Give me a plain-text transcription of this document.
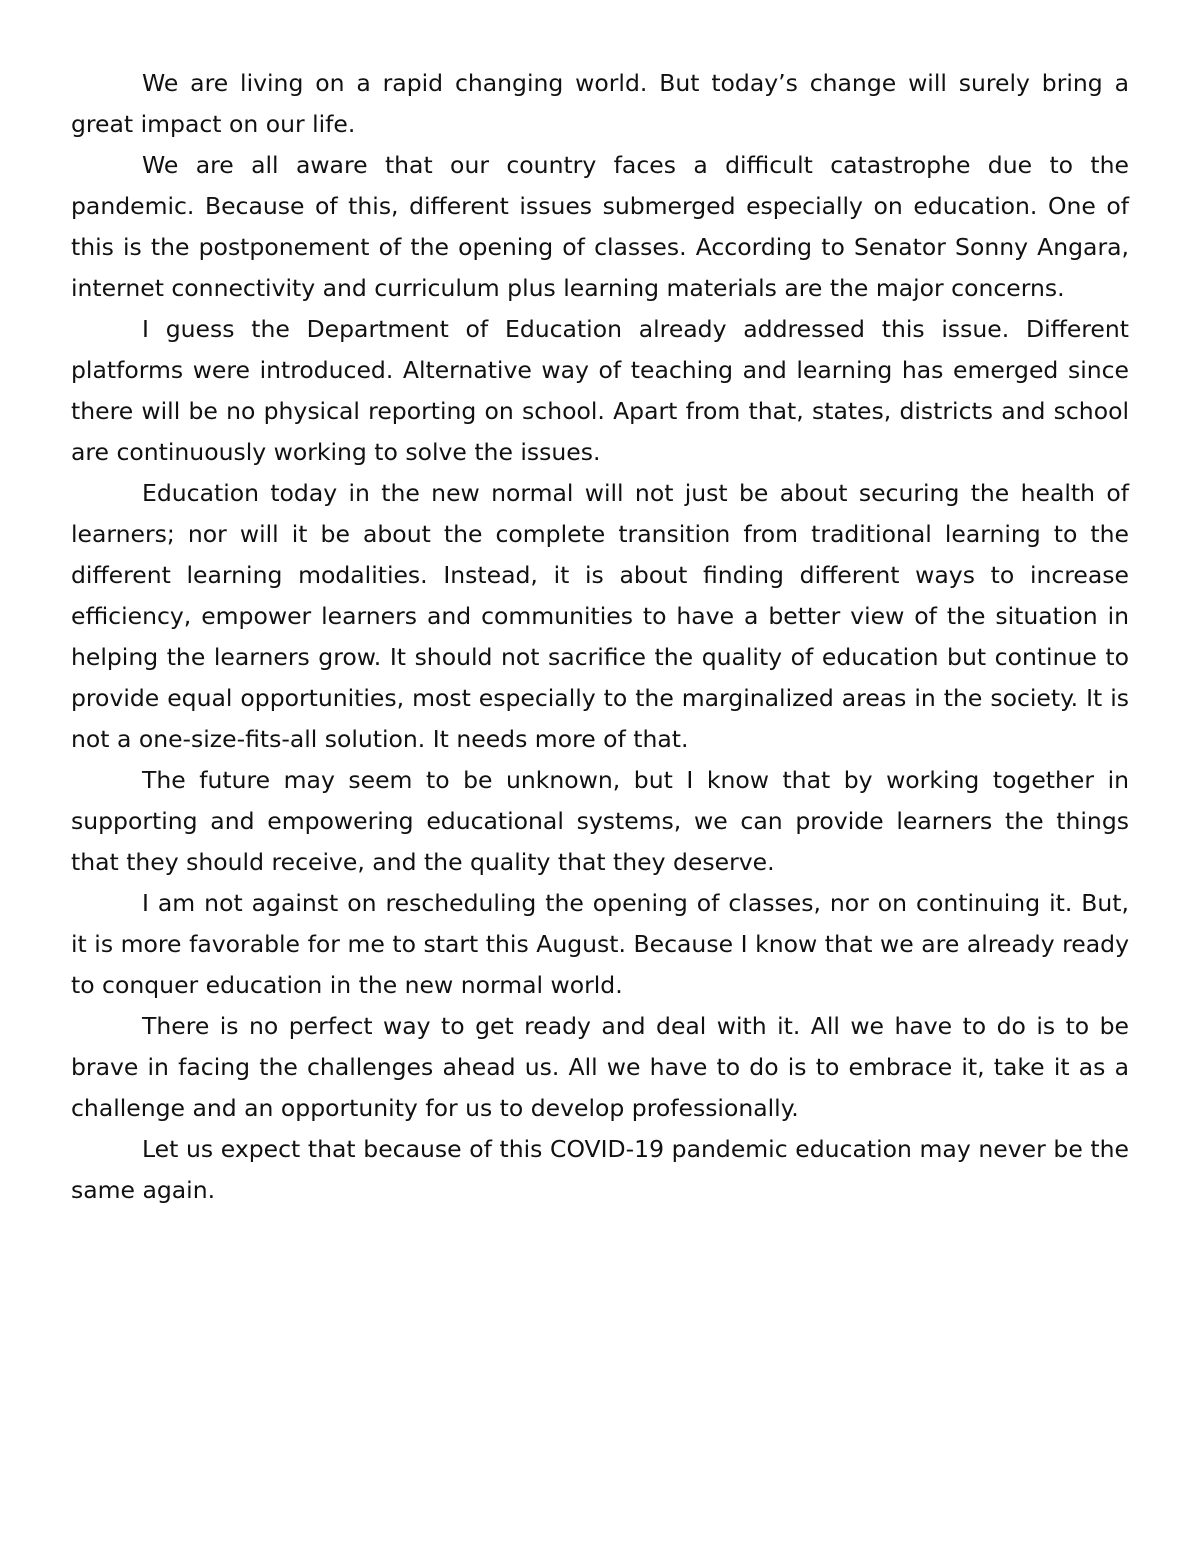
We are living on a rapid changing world. But today’s change will surely bring a great impact on our life.

We are all aware that our country faces a difficult catastrophe due to the pandemic. Because of this, different issues submerged especially on education. One of this is the postponement of the opening of classes. According to Senator Sonny Angara, internet connectivity and curriculum plus learning materials are the major concerns.

I guess the Department of Education already addressed this issue. Different platforms were introduced. Alternative way of teaching and learning has emerged since there will be no physical reporting on school. Apart from that, states, districts and school are continuously working to solve the issues.

Education today in the new normal will not just be about securing the health of learners; nor will it be about the complete transition from traditional learning to the different learning modalities. Instead, it is about finding different ways to increase efficiency, empower learners and communities to have a better view of the situation in helping the learners grow. It should not sacrifice the quality of education but continue to provide equal opportunities, most especially to the marginalized areas in the society. It is not a one-size-fits-all solution. It needs more of that.

The future may seem to be unknown, but I know that by working together in supporting and empowering educational systems, we can provide learners the things that they should receive, and the quality that they deserve.

I am not against on rescheduling the opening of classes, nor on continuing it. But, it is more favorable for me to start this August. Because I know that we are already ready to conquer education in the new normal world.

There is no perfect way to get ready and deal with it. All we have to do is to be brave in facing the challenges ahead us. All we have to do is to embrace it, take it as a challenge and an opportunity for us to develop professionally.

Let us expect that because of this COVID-19 pandemic education may never be the same again.
